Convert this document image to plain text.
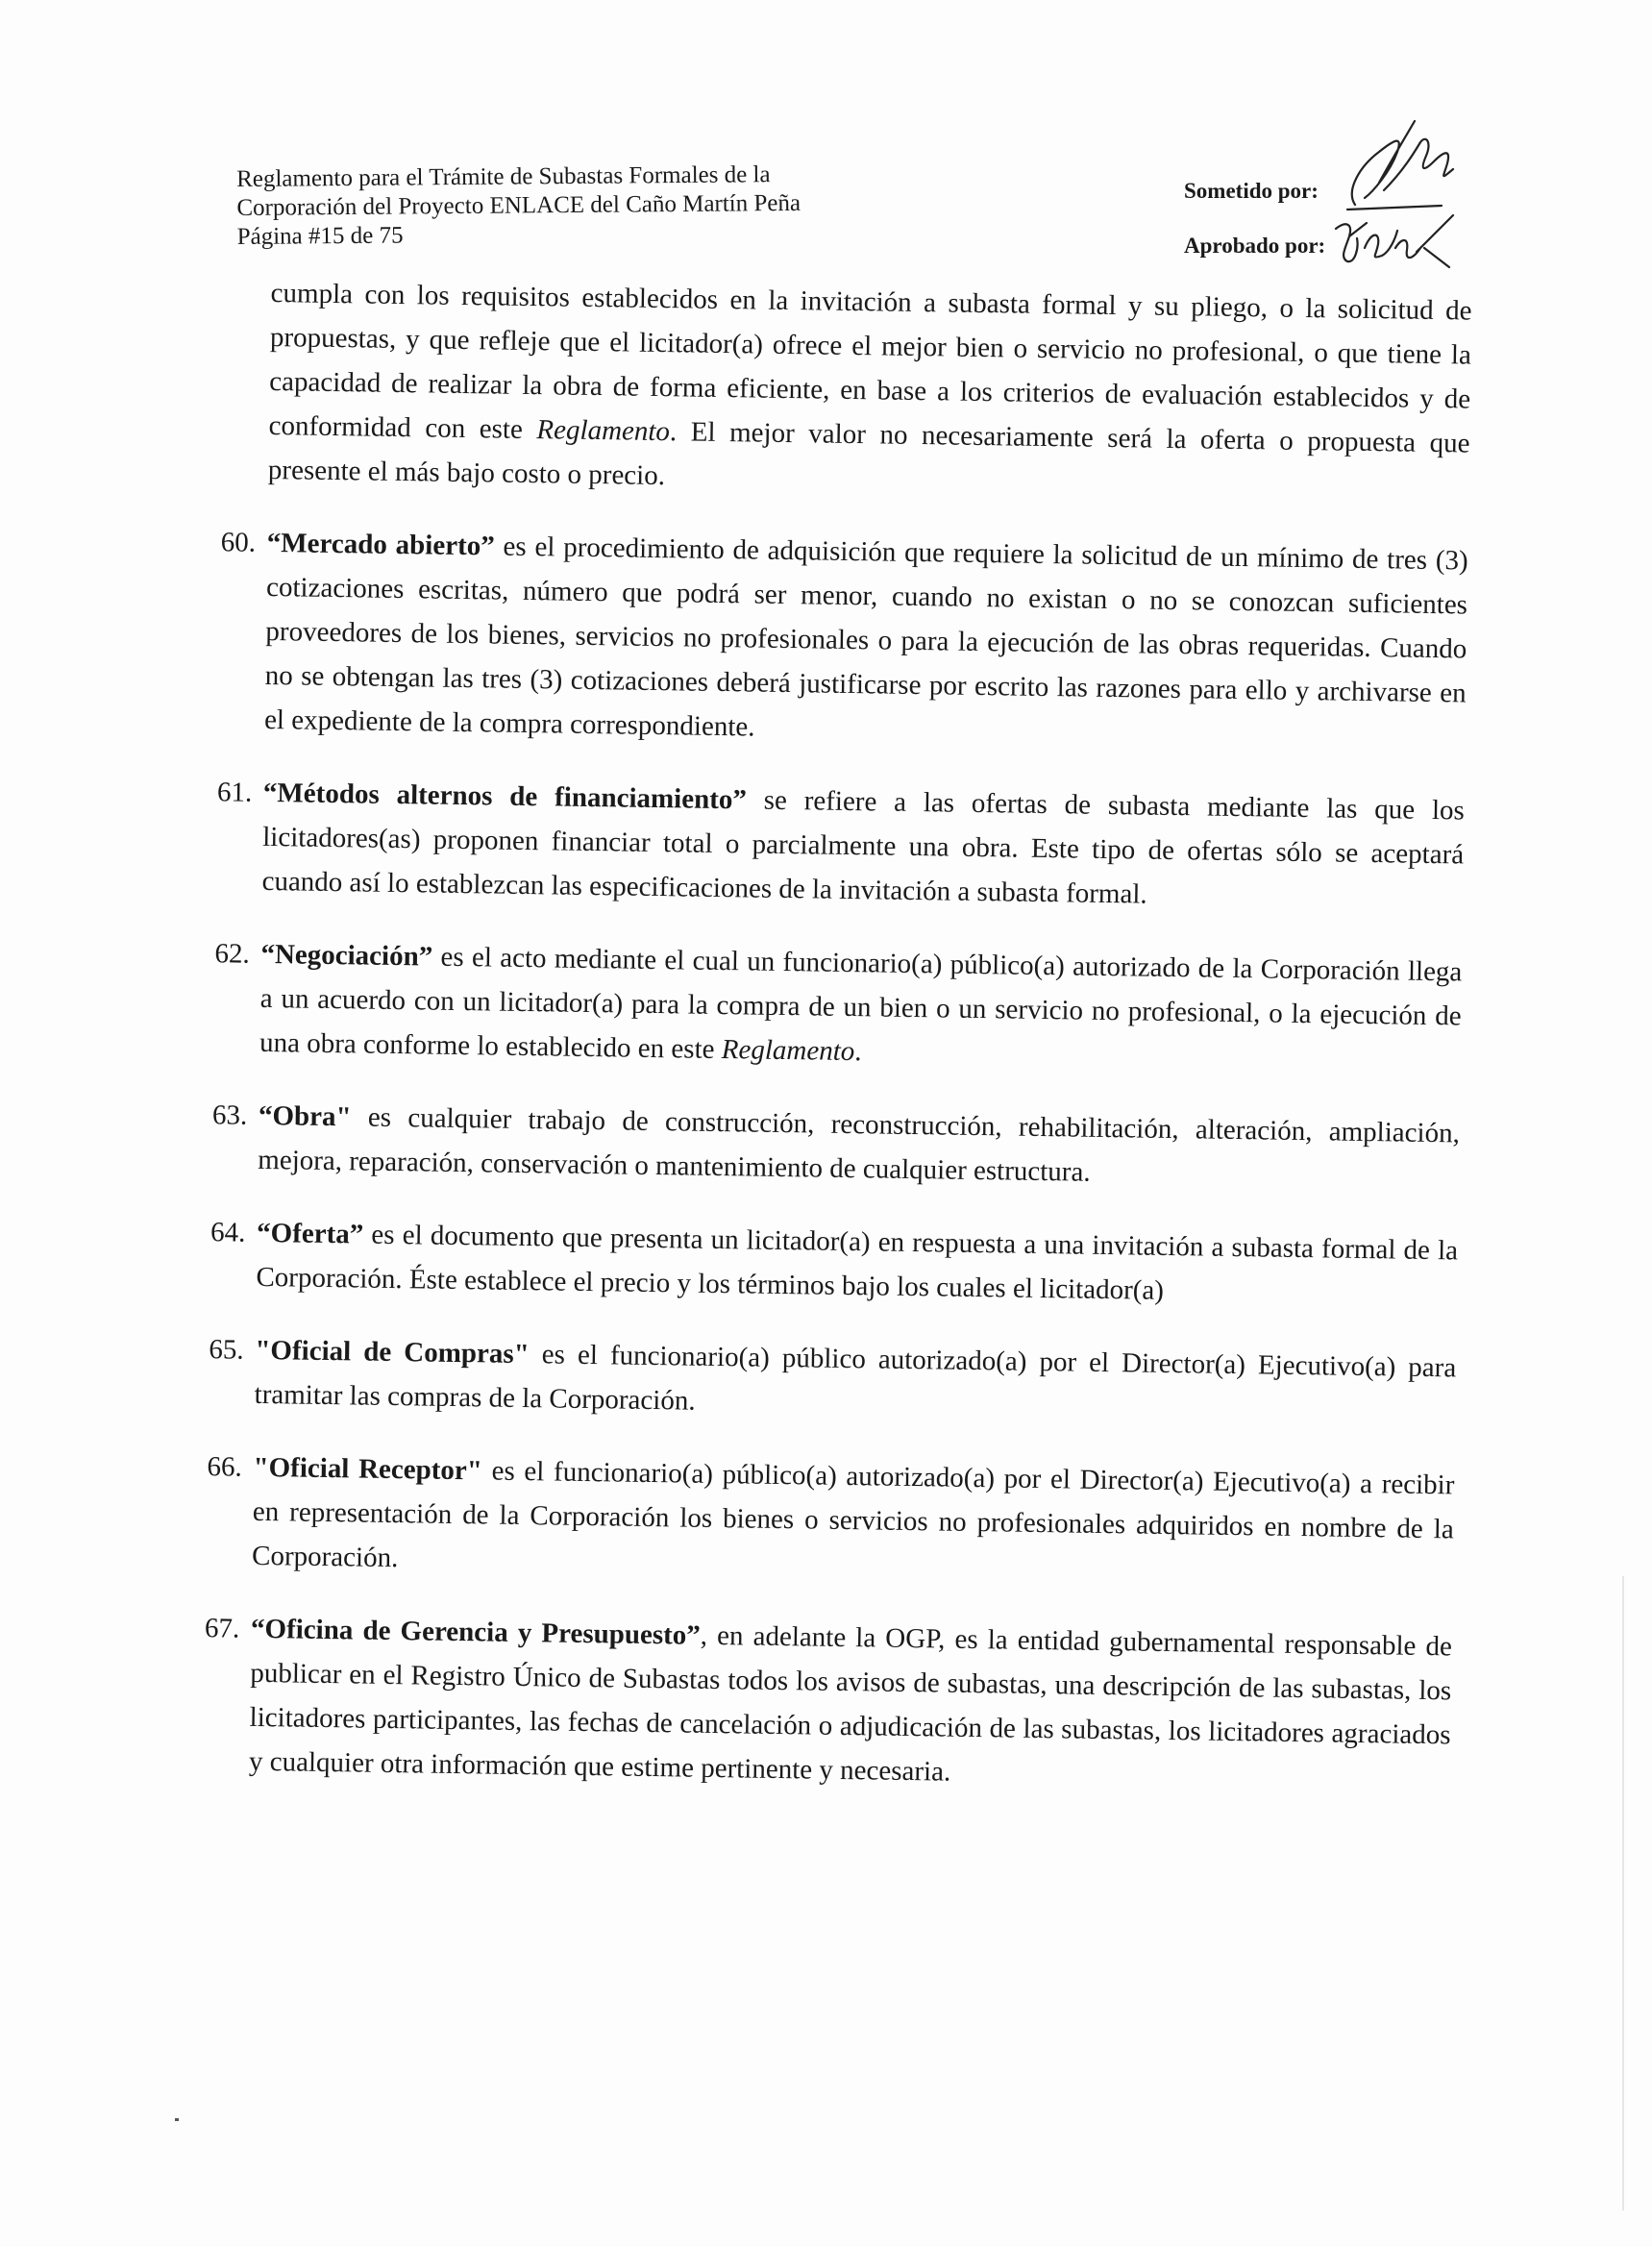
Reglamento para el Trámite de Subastas Formales de la
Corporación del Proyecto ENLACE del Caño Martín Peña
Página #15 de 75
Sometido por:
Aprobado por:

cumpla con los requisitos establecidos en la invitación a subasta formal y su pliego, o la solicitud de propuestas, y que refleje que el licitador(a) ofrece el mejor bien o servicio no profesional, o que tiene la capacidad de realizar la obra de forma eficiente, en base a los criterios de evaluación establecidos y de conformidad con este Reglamento. El mejor valor no necesariamente será la oferta o propuesta que presente el más bajo costo o precio.

60. “Mercado abierto” es el procedimiento de adquisición que requiere la solicitud de un mínimo de tres (3) cotizaciones escritas, número que podrá ser menor, cuando no existan o no se conozcan suficientes proveedores de los bienes, servicios no profesionales o para la ejecución de las obras requeridas. Cuando no se obtengan las tres (3) cotizaciones deberá justificarse por escrito las razones para ello y archivarse en el expediente de la compra correspondiente.

61. “Métodos alternos de financiamiento” se refiere a las ofertas de subasta mediante las que los licitadores(as) proponen financiar total o parcialmente una obra. Este tipo de ofertas sólo se aceptará cuando así lo establezcan las especificaciones de la invitación a subasta formal.

62. “Negociación” es el acto mediante el cual un funcionario(a) público(a) autorizado de la Corporación llega a un acuerdo con un licitador(a) para la compra de un bien o un servicio no profesional, o la ejecución de una obra conforme lo establecido en este Reglamento.

63. “Obra" es cualquier trabajo de construcción, reconstrucción, rehabilitación, alteración, ampliación, mejora, reparación, conservación o mantenimiento de cualquier estructura.

64. “Oferta” es el documento que presenta un licitador(a) en respuesta a una invitación a subasta formal de la Corporación. Éste establece el precio y los términos bajo los cuales el licitador(a)

65. "Oficial de Compras" es el funcionario(a) público autorizado(a) por el Director(a) Ejecutivo(a) para tramitar las compras de la Corporación.

66. "Oficial Receptor" es el funcionario(a) público(a) autorizado(a) por el Director(a) Ejecutivo(a) a recibir en representación de la Corporación los bienes o servicios no profesionales adquiridos en nombre de la Corporación.

67. “Oficina de Gerencia y Presupuesto”, en adelante la OGP, es la entidad gubernamental responsable de publicar en el Registro Único de Subastas todos los avisos de subastas, una descripción de las subastas, los licitadores participantes, las fechas de cancelación o adjudicación de las subastas, los licitadores agraciados y cualquier otra información que estime pertinente y necesaria.
